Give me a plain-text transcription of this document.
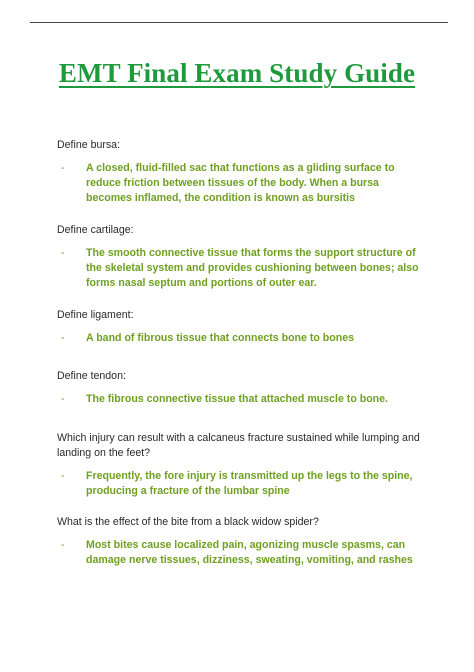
EMT Final Exam Study Guide

Define bursa:

- A closed, fluid-filled sac that functions as a gliding surface to reduce friction between tissues of the body. When a bursa becomes inflamed, the condition is known as bursitis

Define cartilage:

- The smooth connective tissue that forms the support structure of the skeletal system and provides cushioning between bones; also forms nasal septum and portions of outer ear.

Define ligament:

- A band of fibrous tissue that connects bone to bones

Define tendon:

- The fibrous connective tissue that attached muscle to bone.

Which injury can result with a calcaneus fracture sustained while lumping and landing on the feet?

- Frequently, the fore injury is transmitted up the legs to the spine, producing a fracture of the lumbar spine

What is the effect of the bite from a black widow spider?

- Most bites cause localized pain, agonizing muscle spasms, can damage nerve tissues, dizziness, sweating, vomiting, and rashes
